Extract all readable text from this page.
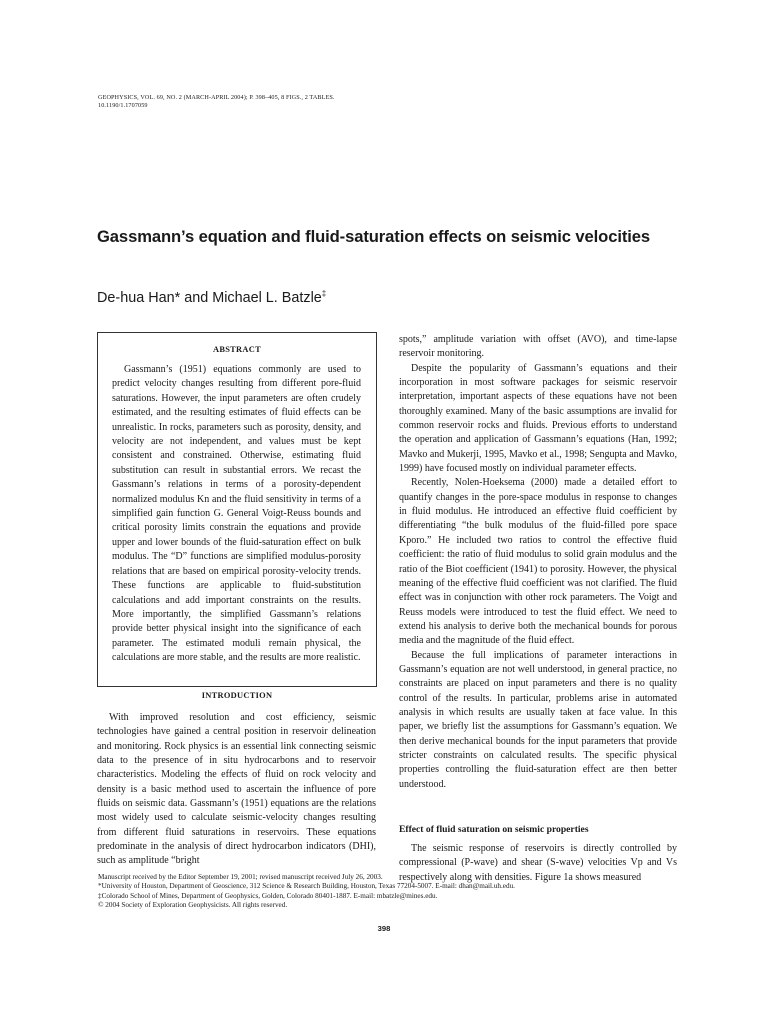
GEOPHYSICS, VOL. 69, NO. 2 (MARCH-APRIL 2004); P. 398–405, 8 FIGS., 2 TABLES.
10.1190/1.1707059
Gassmann’s equation and fluid-saturation effects on seismic velocities
De-hua Han* and Michael L. Batzle‡
ABSTRACT
Gassmann’s (1951) equations commonly are used to predict velocity changes resulting from different pore-fluid saturations. However, the input parameters are often crudely estimated, and the resulting estimates of fluid effects can be unrealistic. In rocks, parameters such as porosity, density, and velocity are not independent, and values must be kept consistent and constrained. Otherwise, estimating fluid substitution can result in substantial errors. We recast the Gassmann’s relations in terms of a porosity-dependent normalized modulus Kn and the fluid sensitivity in terms of a simplified gain function G. General Voigt-Reuss bounds and critical porosity limits constrain the equations and provide upper and lower bounds of the fluid-saturation effect on bulk modulus. The “D” functions are simplified modulus-porosity relations that are based on empirical porosity-velocity trends. These functions are applicable to fluid-substitution calculations and add important constraints on the results. More importantly, the simplified Gassmann’s relations provide better physical insight into the significance of each parameter. The estimated moduli remain physical, the calculations are more stable, and the results are more realistic.
INTRODUCTION
With improved resolution and cost efficiency, seismic technologies have gained a central position in reservoir delineation and monitoring. Rock physics is an essential link connecting seismic data to the presence of in situ hydrocarbons and to reservoir characteristics. Modeling the effects of fluid on rock velocity and density is a basic method used to ascertain the influence of pore fluids on seismic data. Gassmann’s (1951) equations are the relations most widely used to calculate seismic-velocity changes resulting from different fluid saturations in reservoirs. These equations predominate in the analysis of direct hydrocarbon indicators (DHI), such as amplitude “bright

spots,” amplitude variation with offset (AVO), and time-lapse reservoir monitoring.

Despite the popularity of Gassmann’s equations and their incorporation in most software packages for seismic reservoir interpretation, important aspects of these equations have not been thoroughly examined. Many of the basic assumptions are invalid for common reservoir rocks and fluids. Previous efforts to understand the operation and application of Gassmann’s equations (Han, 1992; Mavko and Mukerji, 1995, Mavko et al., 1998; Sengupta and Mavko, 1999) have focused mostly on individual parameter effects.

Recently, Nolen-Hoeksema (2000) made a detailed effort to quantify changes in the pore-space modulus in response to changes in fluid modulus. He introduced an effective fluid coefficient by differentiating “the bulk modulus of the fluid-filled pore space Kporo.” He included two ratios to control the effective fluid coefficient: the ratio of fluid modulus to solid grain modulus and the ratio of the Biot coefficient (1941) to porosity. However, the physical meaning of the effective fluid coefficient was not clarified. The fluid effect was in conjunction with other rock parameters. The Voigt and Reuss models were introduced to test the fluid effect. We need to extend his analysis to derive both the mechanical bounds for porous media and the magnitude of the fluid effect.

Because the full implications of parameter interactions in Gassmann’s equation are not well understood, in general practice, no constraints are placed on input parameters and there is no quality control of the results. In particular, problems arise in automated analysis in which results are usually taken at face value. In this paper, we briefly list the assumptions for Gassmann’s equation. We then derive mechanical bounds for the input parameters that provide stricter constraints on calculated results. The specific physical properties controlling the fluid-saturation effect are then better understood.

Effect of fluid saturation on seismic properties
The seismic response of reservoirs is directly controlled by compressional (P-wave) and shear (S-wave) velocities Vp and Vs respectively along with densities. Figure 1a shows measured
Manuscript received by the Editor September 19, 2001; revised manuscript received July 26, 2003.
*University of Houston, Department of Geoscience, 312 Science & Research Building, Houston, Texas 77204-5007. E-mail: dhan@mail.uh.edu.
‡Colorado School of Mines, Department of Geophysics, Golden, Colorado 80401-1887. E-mail: mbatzle@mines.edu.
© 2004 Society of Exploration Geophysicists. All rights reserved.
398
